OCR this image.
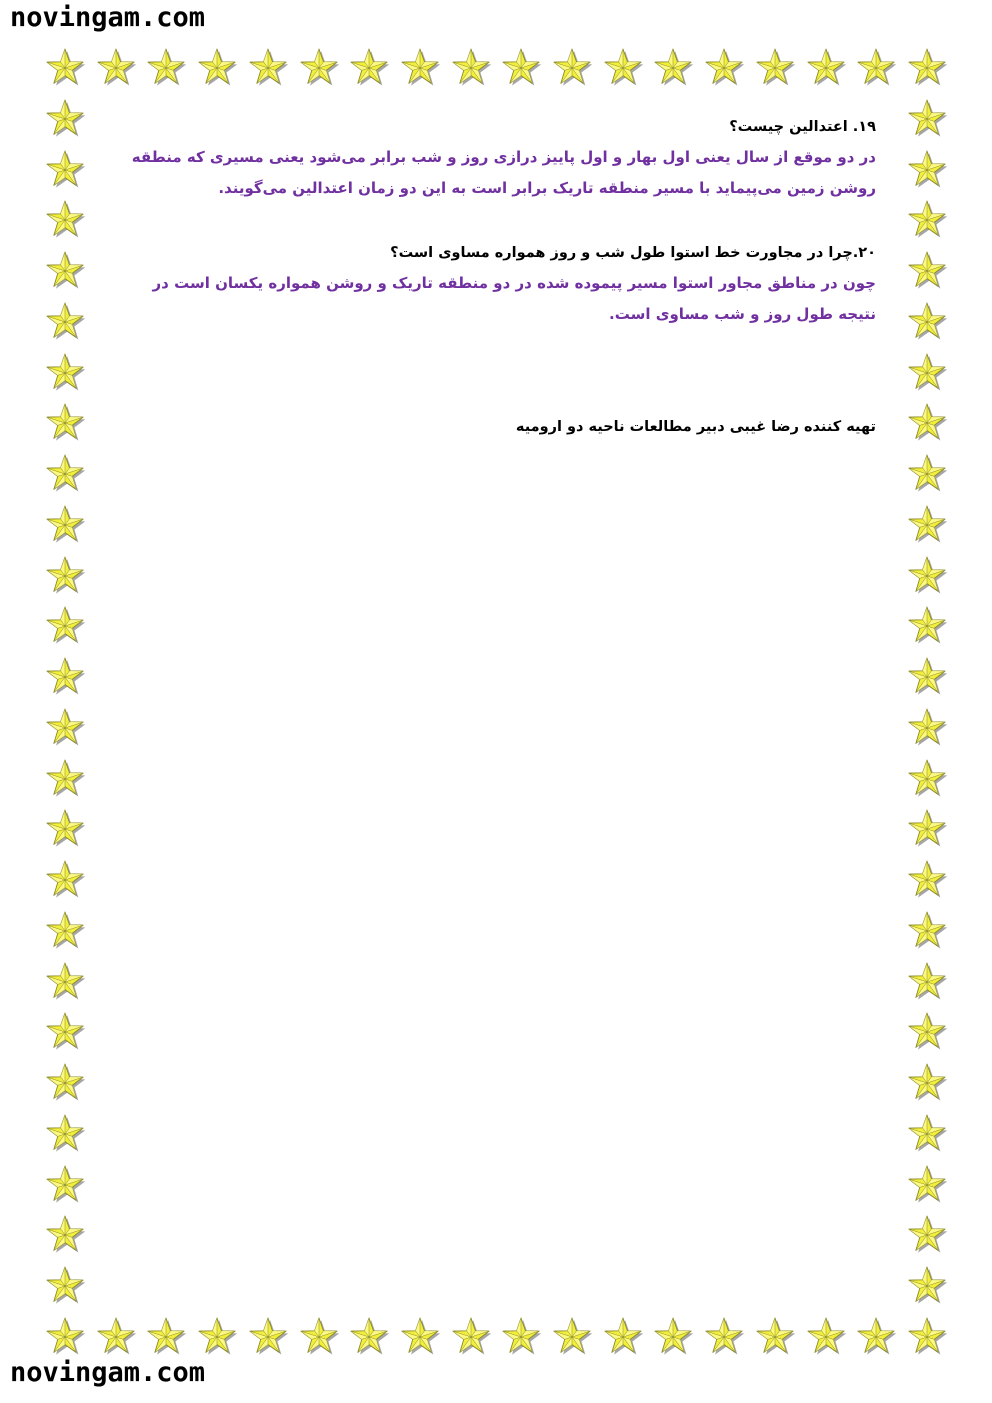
novingam.com

۱۹. اعتدالین چیست؟

در دو موقع از سال یعنی اول بهار و اول پاییز درازی روز و شب برابر می‌شود یعنی مسیری که منطقه روشن زمین می‌پیماید با مسیر منطقه تاریک برابر است به این دو زمان اعتدالین می‌گویند.

۲۰.چرا در مجاورت خط استوا طول شب و روز همواره مساوی است؟

چون در مناطق مجاور استوا مسیر پیموده شده در دو منطقه تاریک و روشن همواره یکسان است در نتیجه طول روز و شب مساوی است.

تهیه کننده رضا غیبی دبیر مطالعات ناحیه دو ارومیه

novingam.com
